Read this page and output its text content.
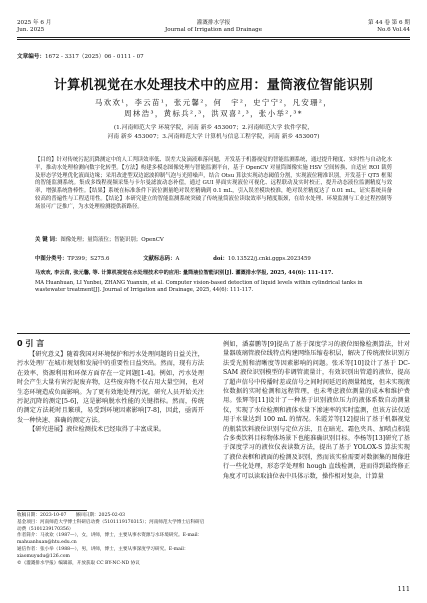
2025 年 6 月
Jun. 2025
灌溉排水学报
Journal of Irrigation and Drainage
第 44 卷 第 6 期
No.6 Vol.44
文章编号：1672 - 3317（2025）06 - 0111 - 07
计算机视觉在水处理技术中的应用：量筒液位智能识别
马欢欢¹，李云苗¹，张元馨²，何　宇²，史宁宁²，凡安珊²，
周林浩³，黄标兵²,³，洪双喜²,³，张小举²,³*
(1.河南师范大学 环境学院，河南 新乡 453007；2.河南师范大学 软件学院，
河南 新乡 453007；3.河南师范大学 计算机与信息工程学院，河南 新乡 453007)
【目的】针对传统污泥沉降测定中的人工判读效率低、误差大及滴液难落问题，开发基于机器视觉的智能监测系统，通过提升精度、实时性与自动化水平，推动水处理检测向数字化转型。【方法】构建多模态图像处理与智能监测平台，基于 OpenCV 对量筒图像实施 HSV 空间转换、自适应 ROI 裁剪及形态学处理优化液面边缘；采用改进型双边滤波抑制气泡与光照噪声，结合 Otsu 算法实现动态阈值分割，实现液位精准识别，开发基于 QT5 框架的智能监测系统。集成多线程视频采集与卡尔曼滤波动态补偿，通过 GUI 界面实现液位可视化、远程联动及实时校正，提升动态液位监测精度与效率，增强系统鲁棒性。【结果】系统在标准条件下液位测量绝对误差精确到 0.1 mL，引入误差模块校准，绝对误差精度达了 0.01 mL，证实系统具备较高的普遍性与工程适用性。【结论】本研究建立的智能监测系统突破了传统量筒液位读取效率与精度瓶颈，在给水处理、环境监测与工业过程控制等场景可广泛推广，为水处理检测提供新路径。
关 键 词：图像处理；量筒液位；智能识别；OpenCV
中图分类号：TP399；S275.6	文献标志码：A	doi：10.13522/j.cnki.ggps.2023459
马欢欢, 李云苗, 张元馨, 等. 计算机视觉在水处理技术中的应用: 量筒液位智能识别[J]. 灌溉排水学报, 2025, 44(6): 111-117.
MA Huanhuan, LI Yunbei, ZHANG Yuanxin, et al. Computer vision-based detection of liquid levels within cylindrical tanks in wastewater treatment[J]. Journal of Irrigation and Drainage, 2025, 44(6): 111-117.
0 引 言

【研究意义】随着我国对环境保护和污水处理问题的日益关注，污水处理厂在城市规划和发展中的重要性日益突出。然而，现有方法在效率、资源利用和环保方面存在一定问题[1-4]。例如，污水处理时会产生大量有害污泥废弃物，这些废弃物不仅占用大量空间，也对生态环境造成负面影响。为了更有效地处理污泥，研究人员开始关注污泥沉降的测定[5-6]，这是影响脱水性能的关键指标。然而，传统的测定方法耗时且繁琐，易受到环境因素影响[7-8]，因此，亟需开发一种快速、准确的测定方法。

【研究进展】液位检测技术已经取得了丰富成果。

例如，潘嘉鹏等[9]提出了基于深度学习的液位图像检测算法，针对量器玻璃管液位线特点构建网络压缩卷积层，解决了传统液位识别方法受光照和清晰度等因素影响的问题。张禾等[10]设计了基于 DC-SAM 液位识别模型的非调管流量计，有效识别出管道的液位，提高了超声信号中传播时差或信号之间时间延迟的测量精度，但未实现液位数据的实时检测和远程管理，也未考虑液位测量的成本和维护费用。张辉等[11]设计了一种基于识别液位压力的液体系数自动测量仪，实现了水位检测和液体水量下渗速率的实时监测，但该方法仅适用于水量达到 100 mL 的情况。朱霞芳等[12]提出了基于机器视觉的瓶装饮料液位识别与定位方法，且在暗光、霜色夹具、加喷点积混合多类饮料目标物体场景下也能准确识别目标。李杨等[13]研究了基于深度学习的液位仪表读数方法，提出了基于 YOLOX-S 算法实现了液位表框和液面的检测及识别，然而该实验需要对数据集的图像进行一些化处理，形态学处理和 hough 直线检测，进而得到最终修正角度才可以读取油位表中具体示数，操作相对复杂，计算量

收稿日期：2023-10-07　　修回日期：2025-02-03
基金项目：河南师范大学博士科研启动费（5101119170315）；河南师范大学博士后科研启动费（5101239170356）
作者简介：马欢欢（1987—），女，讲师，博士，主要从事水资源与水环境研究。E-mail：mahuanhuan@htu.edu.cn
通信作者：张小举（1988—），男，讲师，博士，主要从事深度学习研究。E-mail：xiaomuyudu@126.com
©《灌溉排水学报》编辑部，开放获取 CC BY-NC-ND 协议
111
